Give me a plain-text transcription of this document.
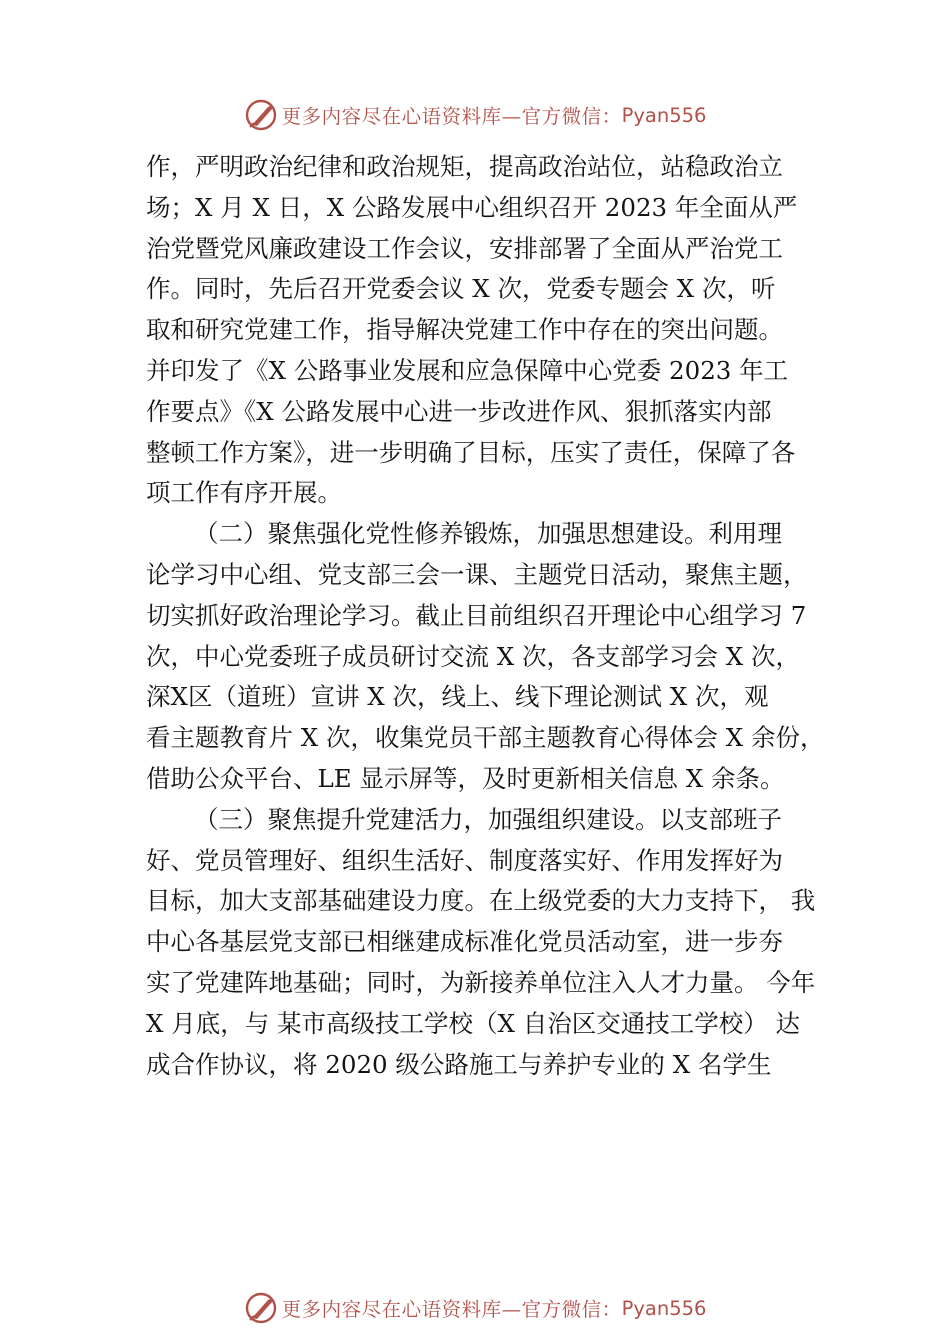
更多内容尽在心语资料库—官方微信： Pyan556
作，严明政治纪律和政治规矩，提高政治站位，站稳政治立
场；X 月 X 日，X 公路发展中心组织召开 2023 年全面从严
治党暨党风廉政建设工作会议，安排部署了全面从严治党工
作。同时，先后召开党委会议 X 次，党委专题会 X 次，听
取和研究党建工作，指导解决党建工作中存在的突出问题。
并印发了《X 公路事业发展和应急保障中心党委 2023 年工
作要点》《X 公路发展中心进一步改进作风、狠抓落实内部
整顿工作方案》，进一步明确了目标，压实了责任，保障了各
项工作有序开展。
（二）聚焦强化党性修养锻炼，加强思想建设。利用理
论学习中心组、党支部三会一课、主题党日活动，聚焦主题，
切实抓好政治理论学习。截止目前组织召开理论中心组学习 7
次，中心党委班子成员研讨交流 X 次，各支部学习会 X 次，
深X区（道班）宣讲 X 次，线上、线下理论测试 X 次，观
看主题教育片 X 次，收集党员干部主题教育心得体会 X 余份，
借助公众平台、LE 显示屏等，及时更新相关信息 X 余条。
（三）聚焦提升党建活力，加强组织建设。以支部班子
好、党员管理好、组织生活好、制度落实好、作用发挥好为
目标，加大支部基础建设力度。在上级党委的大力支持下， 我
中心各基层党支部已相继建成标准化党员活动室，进一步夯
实了党建阵地基础；同时，为新接养单位注入人才力量。 今年
X 月底，与 某市高级技工学校（X 自治区交通技工学校） 达
成合作协议，将 2020 级公路施工与养护专业的 X 名学生
更多内容尽在心语资料库—官方微信： Pyan556
